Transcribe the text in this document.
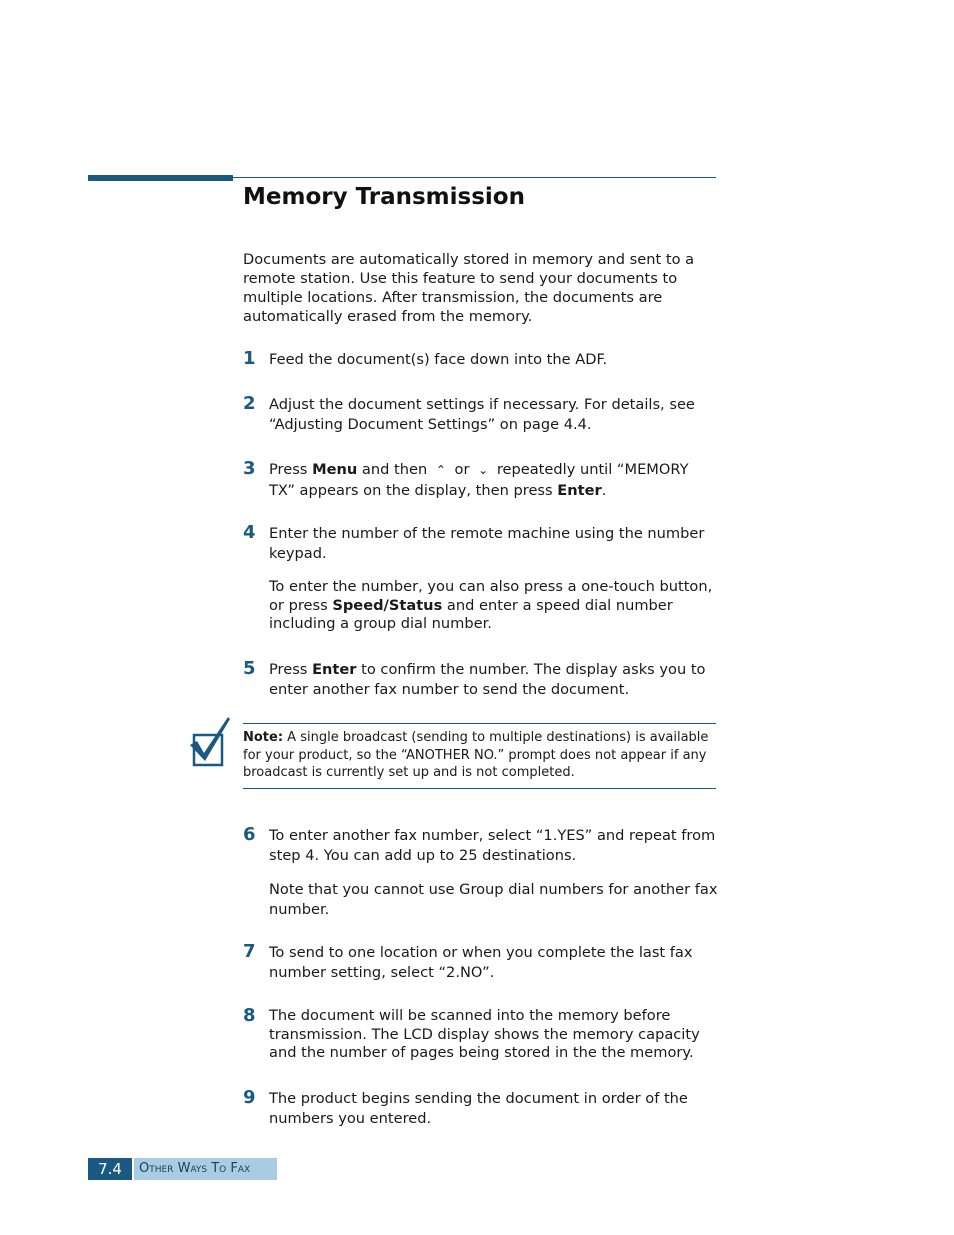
Memory Transmission

Documents are automatically stored in memory and sent to a remote station. Use this feature to send your documents to multiple locations. After transmission, the documents are automatically erased from the memory.

1 Feed the document(s) face down into the ADF.

2 Adjust the document settings if necessary. For details, see “Adjusting Document Settings” on page 4.4.

3 Press Menu and then ⌃ or ⌄ repeatedly until “MEMORY TX” appears on the display, then press Enter.

4 Enter the number of the remote machine using the number keypad.

To enter the number, you can also press a one-touch button, or press Speed/Status and enter a speed dial number including a group dial number.

5 Press Enter to confirm the number. The display asks you to enter another fax number to send the document.

Note: A single broadcast (sending to multiple destinations) is available for your product, so the “ANOTHER NO.” prompt does not appear if any broadcast is currently set up and is not completed.
6 To enter another fax number, select “1.YES” and repeat from step 4. You can add up to 25 destinations.

Note that you cannot use Group dial numbers for another fax number.

7 To send to one location or when you complete the last fax number setting, select “2.NO”.

8 The document will be scanned into the memory before transmission. The LCD display shows the memory capacity and the number of pages being stored in the the memory.

9 The product begins sending the document in order of the numbers you entered.

7.4	Other Ways To Fax
